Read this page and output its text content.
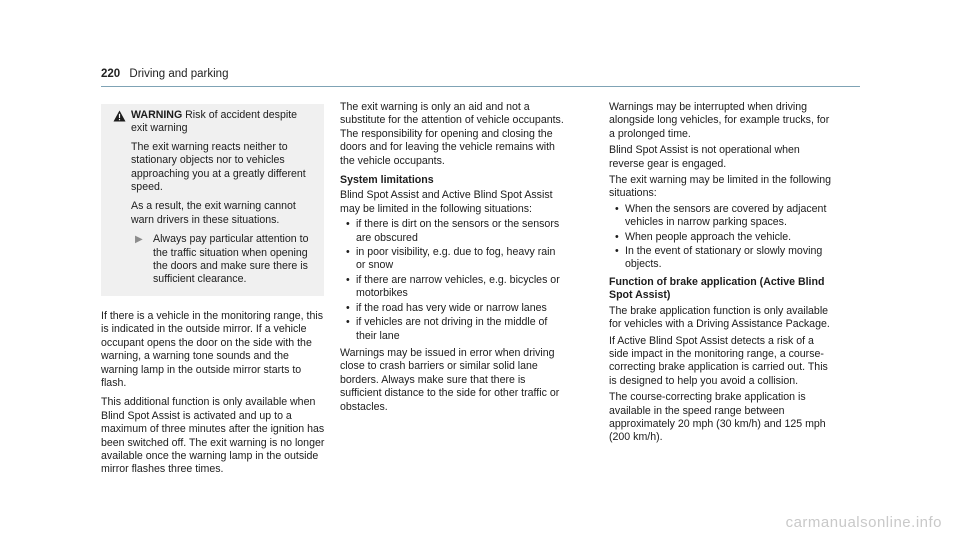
220 Driving and parking
WARNING Risk of accident despite exit warning

The exit warning reacts neither to stationary objects nor to vehicles approaching you at a greatly different speed.

As a result, the exit warning cannot warn drivers in these situations.

▶ Always pay particular attention to the traffic situation when opening the doors and make sure there is sufficient clearance.

If there is a vehicle in the monitoring range, this is indicated in the outside mirror. If a vehicle occupant opens the door on the side with the warning, a warning tone sounds and the warning lamp in the outside mirror starts to flash.

This additional function is only available when Blind Spot Assist is activated and up to a maximum of three minutes after the ignition has been switched off. The exit warning is no longer available once the warning lamp in the outside mirror flashes three times.

The exit warning is only an aid and not a substitute for the attention of vehicle occupants. The responsibility for opening and closing the doors and for leaving the vehicle remains with the vehicle occupants.

System limitations

Blind Spot Assist and Active Blind Spot Assist may be limited in the following situations:

• if there is dirt on the sensors or the sensors are obscured
• in poor visibility, e.g. due to fog, heavy rain or snow
• if there are narrow vehicles, e.g. bicycles or motorbikes
• if the road has very wide or narrow lanes
• if vehicles are not driving in the middle of their lane

Warnings may be issued in error when driving close to crash barriers or similar solid lane borders. Always make sure that there is sufficient distance to the side for other traffic or obstacles.

Warnings may be interrupted when driving alongside long vehicles, for example trucks, for a prolonged time.

Blind Spot Assist is not operational when reverse gear is engaged.

The exit warning may be limited in the following situations:

• When the sensors are covered by adjacent vehicles in narrow parking spaces.
• When people approach the vehicle.
• In the event of stationary or slowly moving objects.
Function of brake application (Active Blind Spot Assist)

The brake application function is only available for vehicles with a Driving Assistance Package.

If Active Blind Spot Assist detects a risk of a side impact in the monitoring range, a course-correcting brake application is carried out. This is designed to help you avoid a collision.

The course-correcting brake application is available in the speed range between approximately 20 mph (30 km/h) and 125 mph (200 km/h).

carmanualsonline.info
